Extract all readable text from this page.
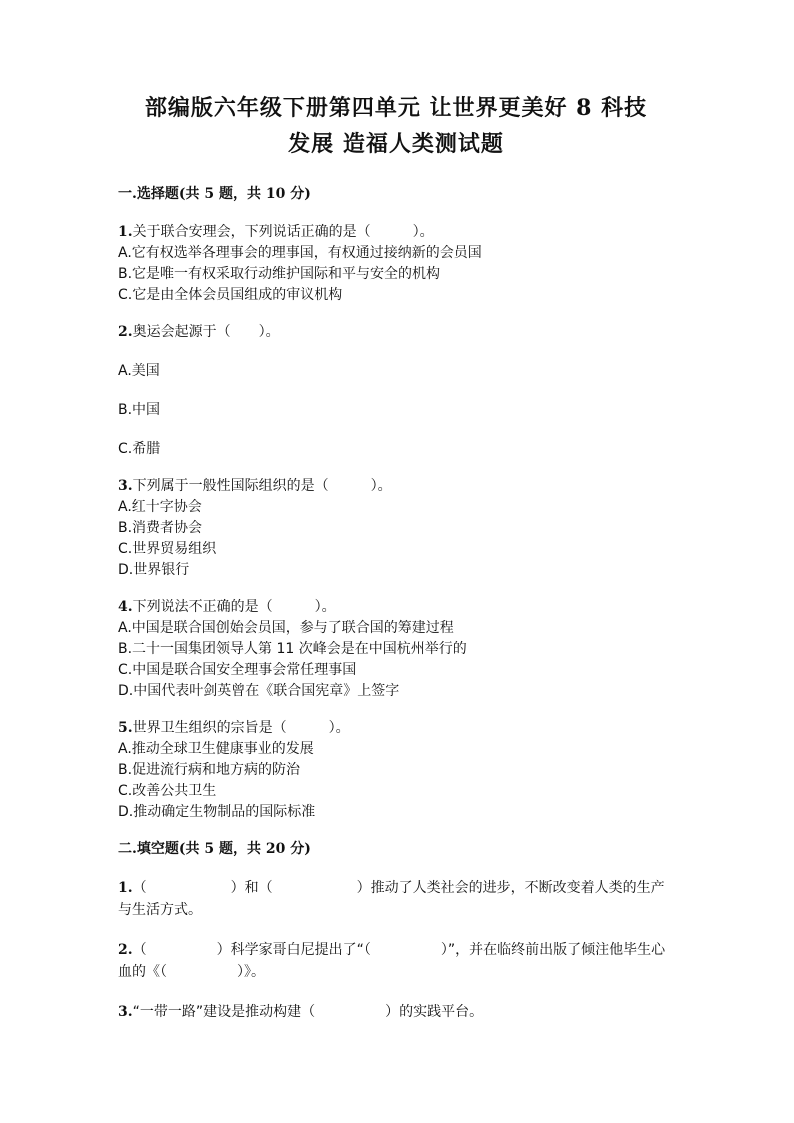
部编版六年级下册第四单元 让世界更美好 8 科技
发展 造福人类测试题
一.选择题(共 5 题，共 10 分)
1.关于联合安理会，下列说话正确的是（　　　）。
A.它有权选举各理事会的理事国，有权通过接纳新的会员国
B.它是唯一有权采取行动维护国际和平与安全的机构
C.它是由全体会员国组成的审议机构
2.奥运会起源于（　　）。
A.美国
B.中国
C.希腊
3.下列属于一般性国际组织的是（　　　）。
A.红十字协会
B.消费者协会
C.世界贸易组织
D.世界银行
4.下列说法不正确的是（　　　）。
A.中国是联合国创始会员国，参与了联合国的筹建过程
B.二十一国集团领导人第 11 次峰会是在中国杭州举行的
C.中国是联合国安全理事会常任理事国
D.中国代表叶剑英曾在《联合国宪章》上签字
5.世界卫生组织的宗旨是（　　　）。
A.推动全球卫生健康事业的发展
B.促进流行病和地方病的防治
C.改善公共卫生
D.推动确定生物制品的国际标准
二.填空题(共 5 题，共 20 分)
1.（　　　　　　）和（　　　　　　）推动了人类社会的进步，不断改变着人类的生产与生活方式。
2.（　　　　　）科学家哥白尼提出了“（　　　　　）”，并在临终前出版了倾注他毕生心血的《（　　　　　）》。
3.“一带一路”建设是推动构建（　　　　　）的实践平台。
